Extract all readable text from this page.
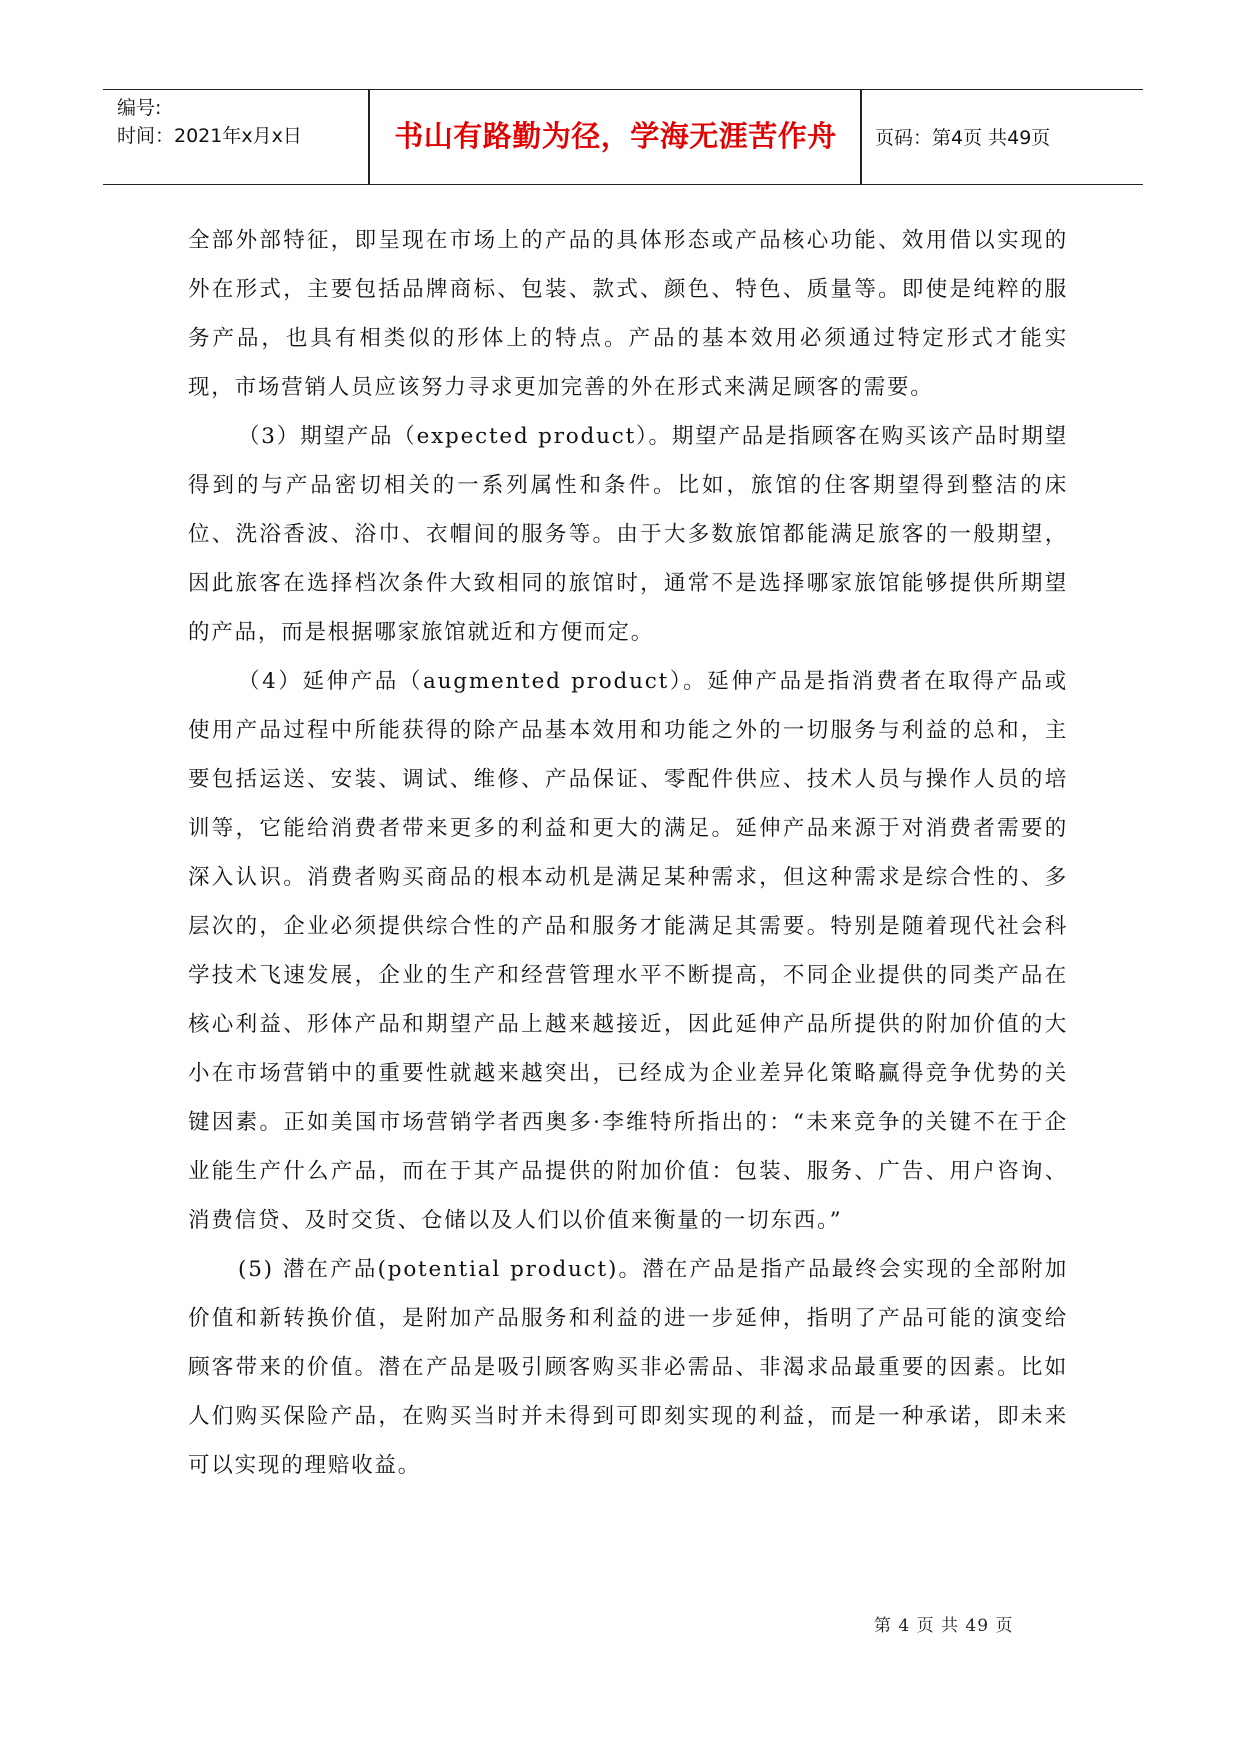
编号:
时间：2021年x月x日	书山有路勤为径，学海无涯苦作舟 页码：第4页 共49页

全部外部特征，即呈现在市场上的产品的具体形态或产品核心功能、效用借以实现的外在形式，主要包括品牌商标、包装、款式、颜色、特色、质量等。即使是纯粹的服务产品，也具有相类似的形体上的特点。产品的基本效用必须通过特定形式才能实现，市场营销人员应该努力寻求更加完善的外在形式来满足顾客的需要。

（3）期望产品（expected product）。期望产品是指顾客在购买该产品时期望得到的与产品密切相关的一系列属性和条件。比如，旅馆的住客期望得到整洁的床位、洗浴香波、浴巾、衣帽间的服务等。由于大多数旅馆都能满足旅客的一般期望，因此旅客在选择档次条件大致相同的旅馆时，通常不是选择哪家旅馆能够提供所期望的产品，而是根据哪家旅馆就近和方便而定。

（4）延伸产品（augmented product）。延伸产品是指消费者在取得产品或使用产品过程中所能获得的除产品基本效用和功能之外的一切服务与利益的总和，主要包括运送、安装、调试、维修、产品保证、零配件供应、技术人员与操作人员的培训等，它能给消费者带来更多的利益和更大的满足。延伸产品来源于对消费者需要的深入认识。消费者购买商品的根本动机是满足某种需求，但这种需求是综合性的、多层次的，企业必须提供综合性的产品和服务才能满足其需要。特别是随着现代社会科学技术飞速发展，企业的生产和经营管理水平不断提高，不同企业提供的同类产品在核心利益、形体产品和期望产品上越来越接近，因此延伸产品所提供的附加价值的大小在市场营销中的重要性就越来越突出，已经成为企业差异化策略赢得竞争优势的关键因素。正如美国市场营销学者西奥多·李维特所指出的：“未来竞争的关键不在于企业能生产什么产品，而在于其产品提供的附加价值：包装、服务、广告、用户咨询、消费信贷、及时交货、仓储以及人们以价值来衡量的一切东西。”

(5) 潜在产品(potential product)。潜在产品是指产品最终会实现的全部附加价值和新转换价值，是附加产品服务和利益的进一步延伸，指明了产品可能的演变给顾客带来的价值。潜在产品是吸引顾客购买非必需品、非渴求品最重要的因素。比如人们购买保险产品，在购买当时并未得到可即刻实现的利益，而是一种承诺，即未来可以实现的理赔收益。

第 4 页 共 49 页
